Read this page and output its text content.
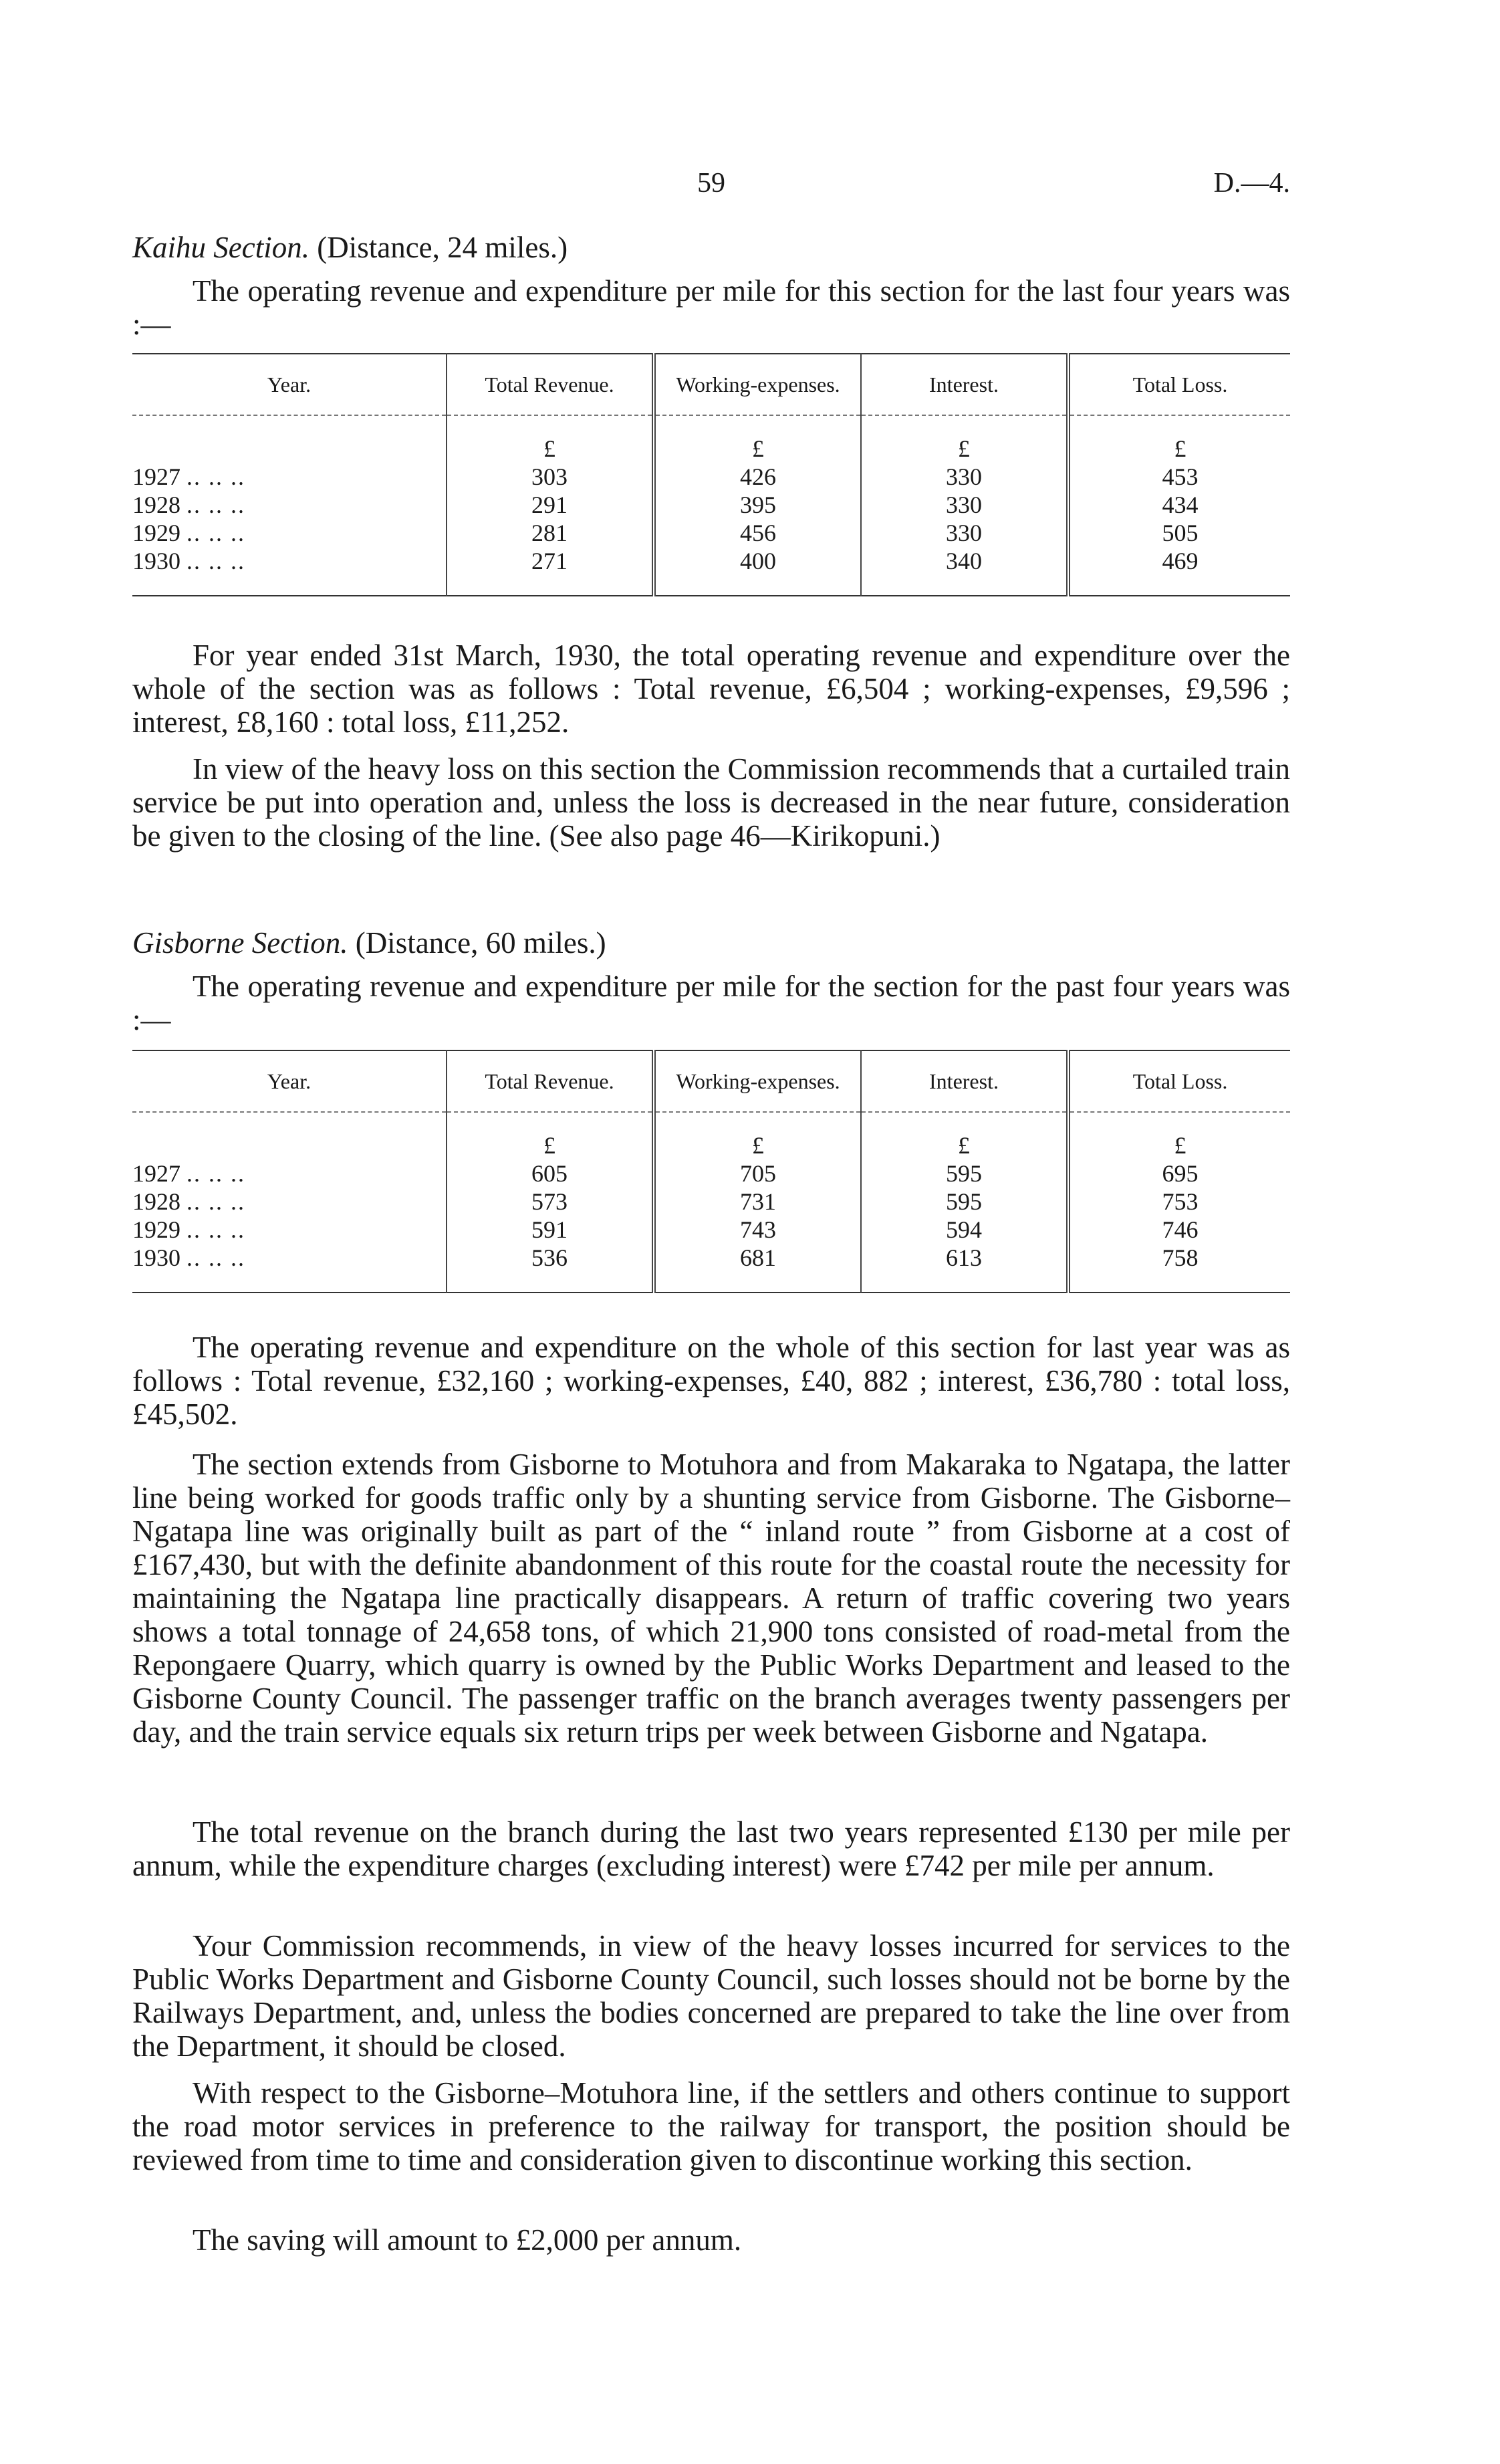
59	D.—4.
Kaihu Section. (Distance, 24 miles.)

The operating revenue and expenditure per mile for this section for the last four years was :—

Year.	Total Revenue.	Working-expenses.	Interest.	Total Loss.

	£	£	£	£
1927 .. .. ..	303	426	330	453
1928 .. .. ..	291	395	330	434
1929 .. .. ..	281	456	330	505
1930 .. .. ..	271	400	340	469

For year ended 31st March, 1930, the total operating revenue and expenditure over the whole of the section was as follows : Total revenue, £6,504 ; working-expenses, £9,596 ; interest, £8,160 : total loss, £11,252.

In view of the heavy loss on this section the Commission recommends that a curtailed train service be put into operation and, unless the loss is decreased in the near future, consideration be given to the closing of the line. (See also page 46—Kirikopuni.)

Gisborne Section. (Distance, 60 miles.)

The operating revenue and expenditure per mile for the section for the past four years was :—

Year.	Total Revenue.	Working-expenses.	Interest.	Total Loss.

	£	£	£	£
1927 .. .. ..	605	705	595	695
1928 .. .. ..	573	731	595	753
1929 .. .. ..	591	743	594	746
1930 .. .. ..	536	681	613	758

The operating revenue and expenditure on the whole of this section for last year was as follows : Total revenue, £32,160 ; working-expenses, £40, 882 ; interest, £36,780 : total loss, £45,502.

The section extends from Gisborne to Motuhora and from Makaraka to Ngatapa, the latter line being worked for goods traffic only by a shunting service from Gisborne. The Gisborne–Ngatapa line was originally built as part of the “ inland route ” from Gisborne at a cost of £167,430, but with the definite abandonment of this route for the coastal route the necessity for maintaining the Ngatapa line practically disappears. A return of traffic covering two years shows a total tonnage of 24,658 tons, of which 21,900 tons consisted of road-metal from the Repongaere Quarry, which quarry is owned by the Public Works Department and leased to the Gisborne County Council. The passenger traffic on the branch averages twenty passengers per day, and the train service equals six return trips per week between Gisborne and Ngatapa.

The total revenue on the branch during the last two years represented £130 per mile per annum, while the expenditure charges (excluding interest) were £742 per mile per annum.

Your Commission recommends, in view of the heavy losses incurred for services to the Public Works Department and Gisborne County Council, such losses should not be borne by the Railways Department, and, unless the bodies concerned are prepared to take the line over from the Department, it should be closed.

With respect to the Gisborne–Motuhora line, if the settlers and others continue to support the road motor services in preference to the railway for transport, the position should be reviewed from time to time and consideration given to discontinue working this section.

The saving will amount to £2,000 per annum.
